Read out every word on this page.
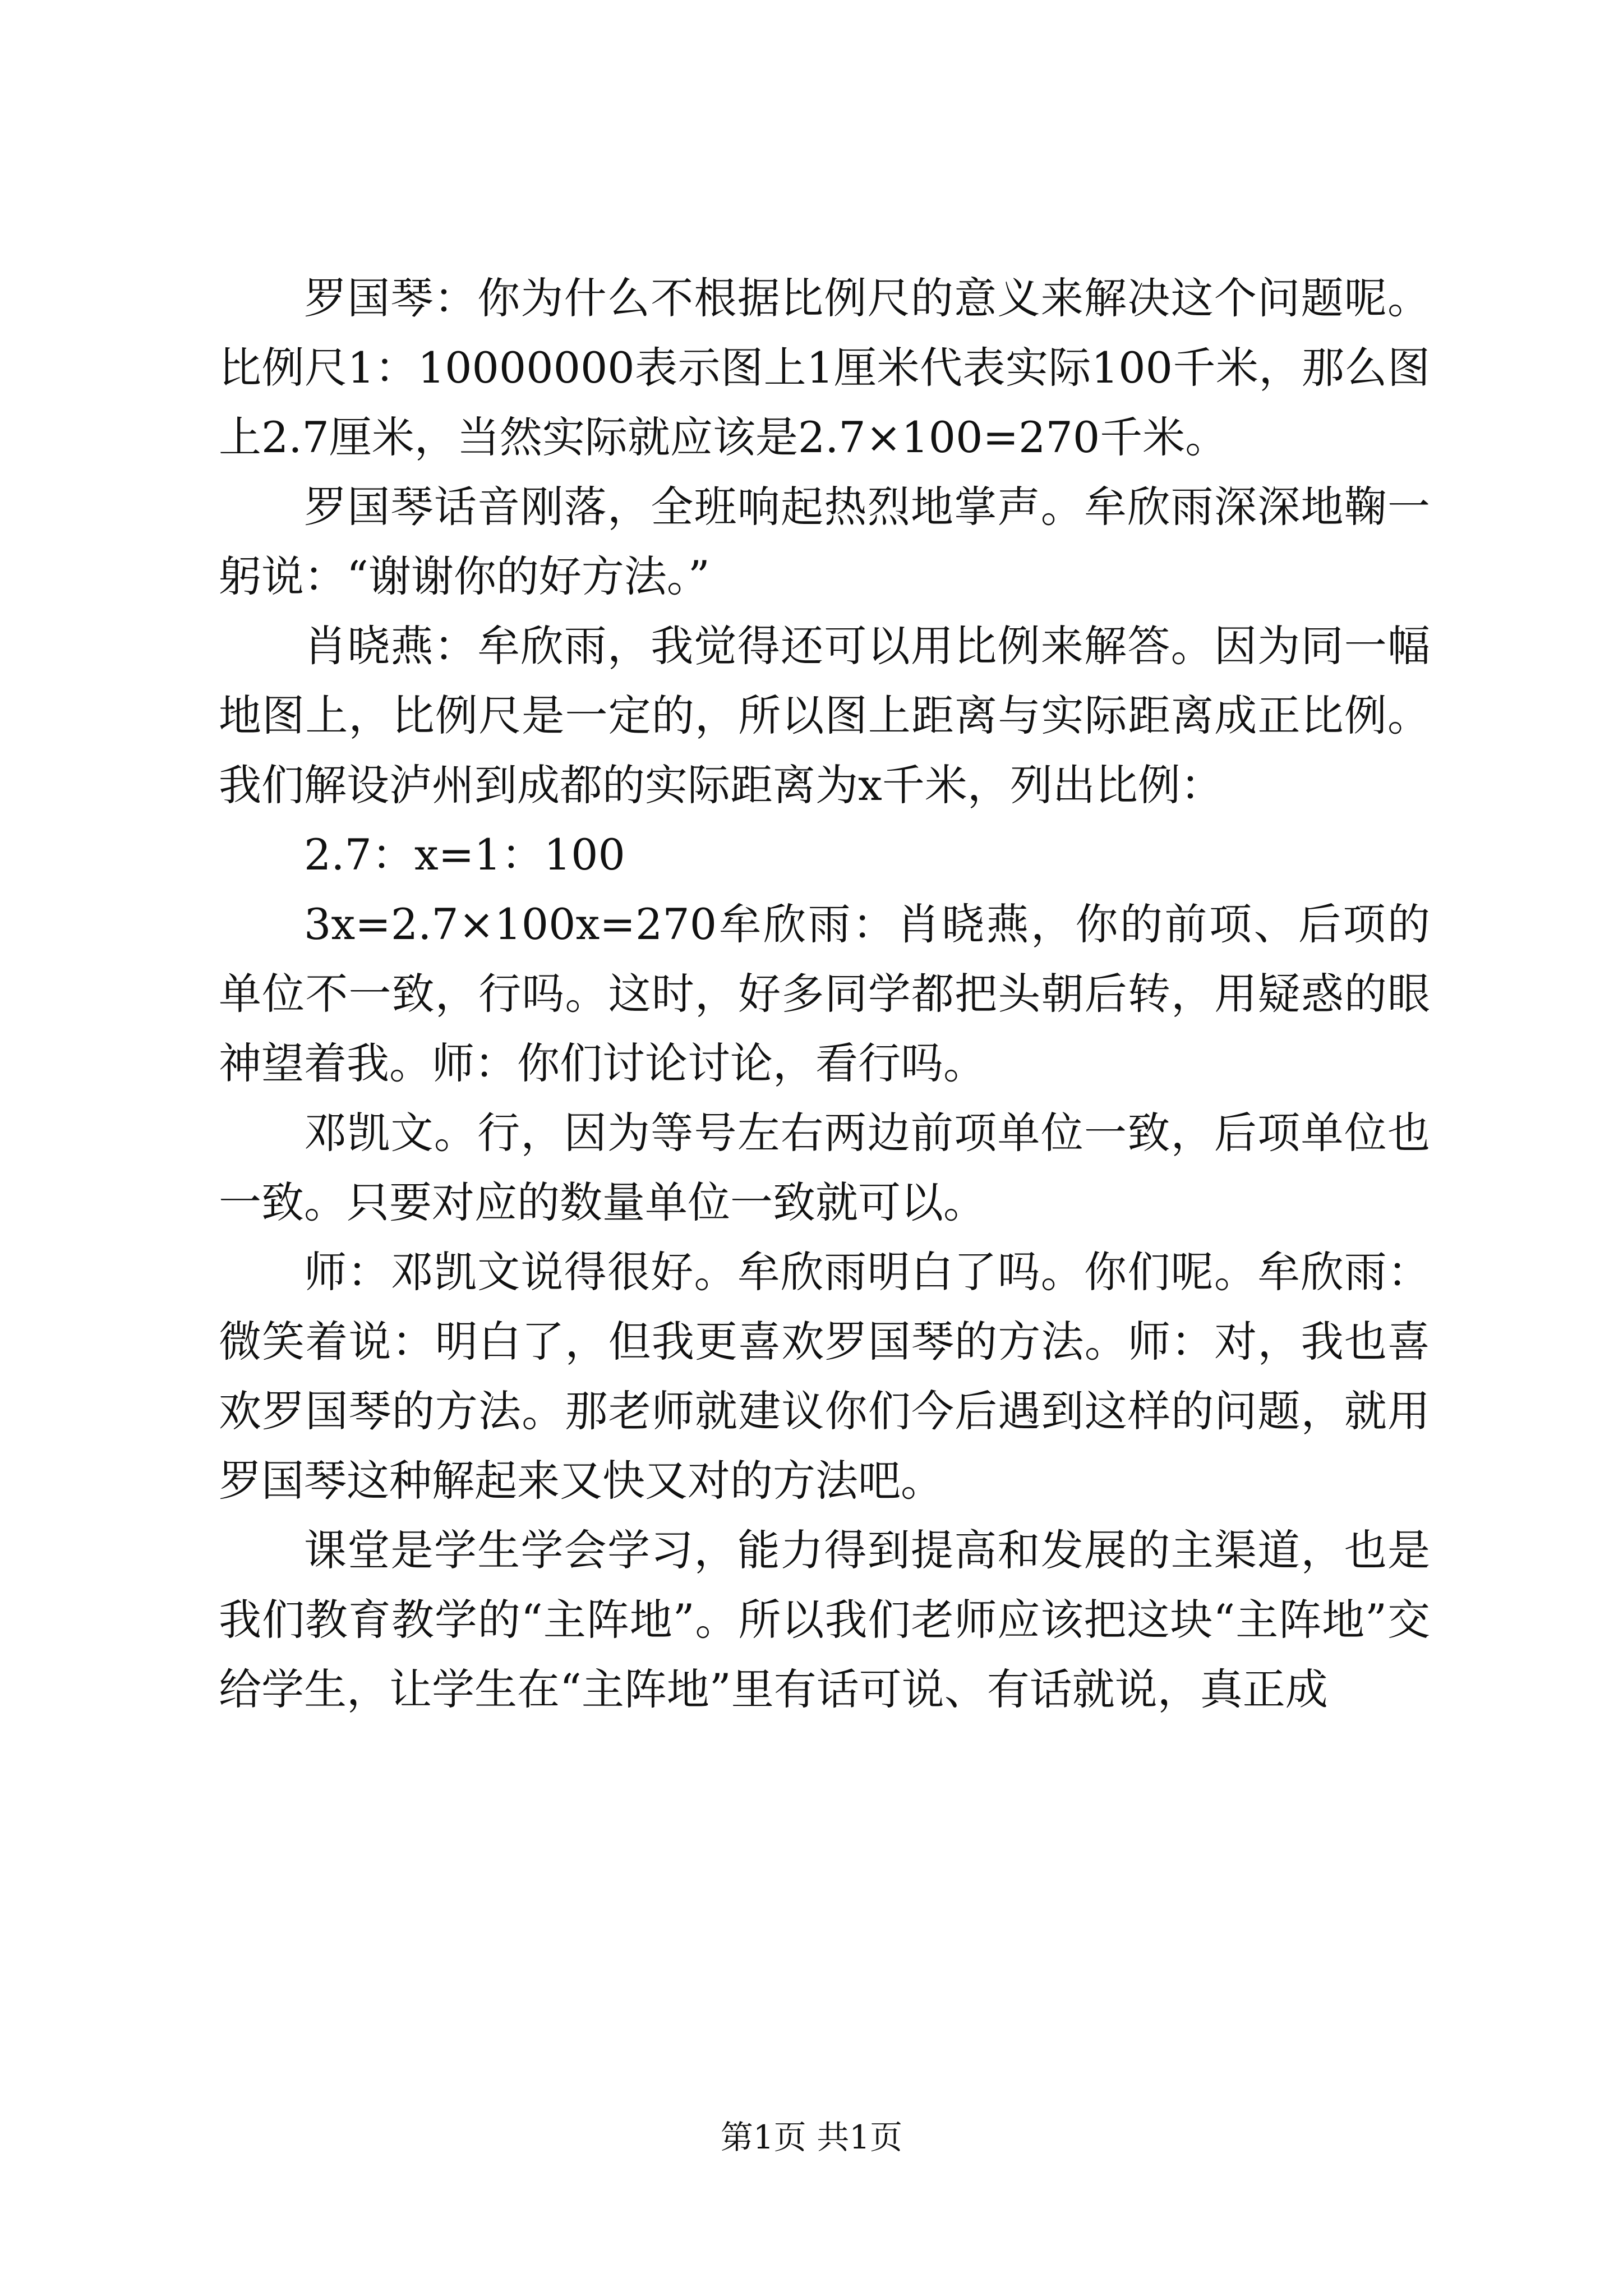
罗国琴：你为什么不根据比例尺的意义来解决这个问题呢。比例尺1：10000000表示图上1厘米代表实际100千米，那么图上2.7厘米，当然实际就应该是2.7×100=270千米。

罗国琴话音刚落，全班响起热烈地掌声。牟欣雨深深地鞠一躬说：“谢谢你的好方法。”

肖晓燕：牟欣雨，我觉得还可以用比例来解答。因为同一幅地图上，比例尺是一定的，所以图上距离与实际距离成正比例。我们解设泸州到成都的实际距离为x千米，列出比例：

2.7：x=1：100

3x=2.7×100x=270牟欣雨：肖晓燕，你的前项、后项的单位不一致，行吗。这时，好多同学都把头朝后转，用疑惑的眼神望着我。师：你们讨论讨论，看行吗。

邓凯文。行，因为等号左右两边前项单位一致，后项单位也一致。只要对应的数量单位一致就可以。

师：邓凯文说得很好。牟欣雨明白了吗。你们呢。牟欣雨：微笑着说：明白了，但我更喜欢罗国琴的方法。师：对，我也喜欢罗国琴的方法。那老师就建议你们今后遇到这样的问题，就用罗国琴这种解起来又快又对的方法吧。

课堂是学生学会学习，能力得到提高和发展的主渠道，也是我们教育教学的“主阵地”。所以我们老师应该把这块“主阵地”交给学生，让学生在“主阵地”里有话可说、有话就说，真正成

第1页 共1页
